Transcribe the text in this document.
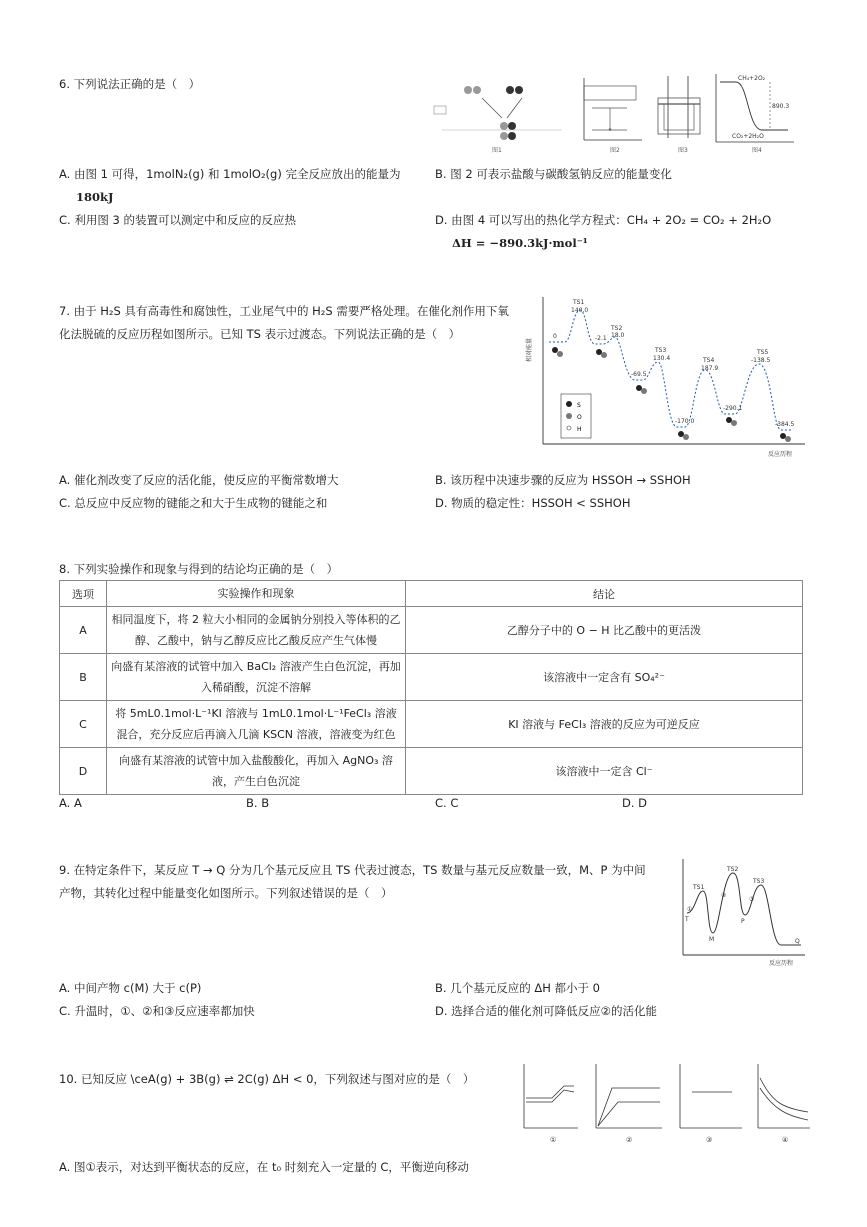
6. 下列说法正确的是（　）
图1	图2	图3
CH₄+2O₂
CO₂+2H₂O
890.3
图4
A. 由图 1 可得，1molN₂(g) 和 1molO₂(g) 完全反应放出的能量为
180kJ
B. 图 2 可表示盐酸与碳酸氢钠反应的能量变化
C. 利用图 3 的装置可以测定中和反应的反应热	D. 由图 4 可以写出的热化学方程式：CH₄ + 2O₂ = CO₂ + 2H₂O
ΔH = −890.3kJ·mol⁻¹
7. 由于 H₂S 具有高毒性和腐蚀性，工业尾气中的 H₂S 需要严格处理。在催化剂作用下氧
化法脱硫的反应历程如图所示。已知 TS 表示过渡态。下列说法正确的是（　）
相对能量
反应历程
TS1
140.0
TS2
18.0
TS3
130.4	TS4
187.9
TS5
-138.5
0	-2.1
-69.5
-170.0
-290.1
-384.5
S
O
H
A. 催化剂改变了反应的活化能，使反应的平衡常数增大	B. 该历程中决速步骤的反应为 HSSOH → SSHOH
C. 总反应中反应物的键能之和大于生成物的键能之和	D. 物质的稳定性：HSSOH < SSHOH
8. 下列实验操作和现象与得到的结论均正确的是（　）
选项	实验操作和现象	结论
A	相同温度下，将 2 粒大小相同的金属钠分别投入等体积的乙醇、乙酸中，钠与乙醇反应比乙酸反应产生气体慢	乙醇分子中的 O − H 比乙酸中的更活泼
B	向盛有某溶液的试管中加入 BaCl₂ 溶液产生白色沉淀，再加入稀硝酸，沉淀不溶解	该溶液中一定含有 SO₄²⁻
C	将 5mL0.1mol·L⁻¹KI 溶液与 1mL0.1mol·L⁻¹FeCl₃ 溶液混合，充分反应后再滴入几滴 KSCN 溶液，溶液变为红色	KI 溶液与 FeCl₃ 溶液的反应为可逆反应
D	向盛有某溶液的试管中加入盐酸酸化，再加入 AgNO₃ 溶液，产生白色沉淀	该溶液中一定含 Cl⁻
A. A	B. B	C. C	D. D
9. 在特定条件下，某反应 T → Q 分为几个基元反应且 TS 代表过渡态，TS 数量与基元反应数量一致，M、P 为中间
产物，其转化过程中能量变化如图所示。下列叙述错误的是（　）	TS1
TS2
TS3
T
M
P
Q
①
②
③
反应历程
A. 中间产物 c(M) 大于 c(P)	B. 几个基元反应的 ΔH 都小于 0
C. 升温时，①、②和③反应速率都加快	D. 选择合适的催化剂可降低反应②的活化能
10. 已知反应 \ceA(g) + 3B(g) ⇌ 2C(g) ΔH < 0，下列叙述与图对应的是（　）
①	②	③	④
A. 图①表示，对达到平衡状态的反应，在 t₀ 时刻充入一定量的 C，平衡逆向移动
